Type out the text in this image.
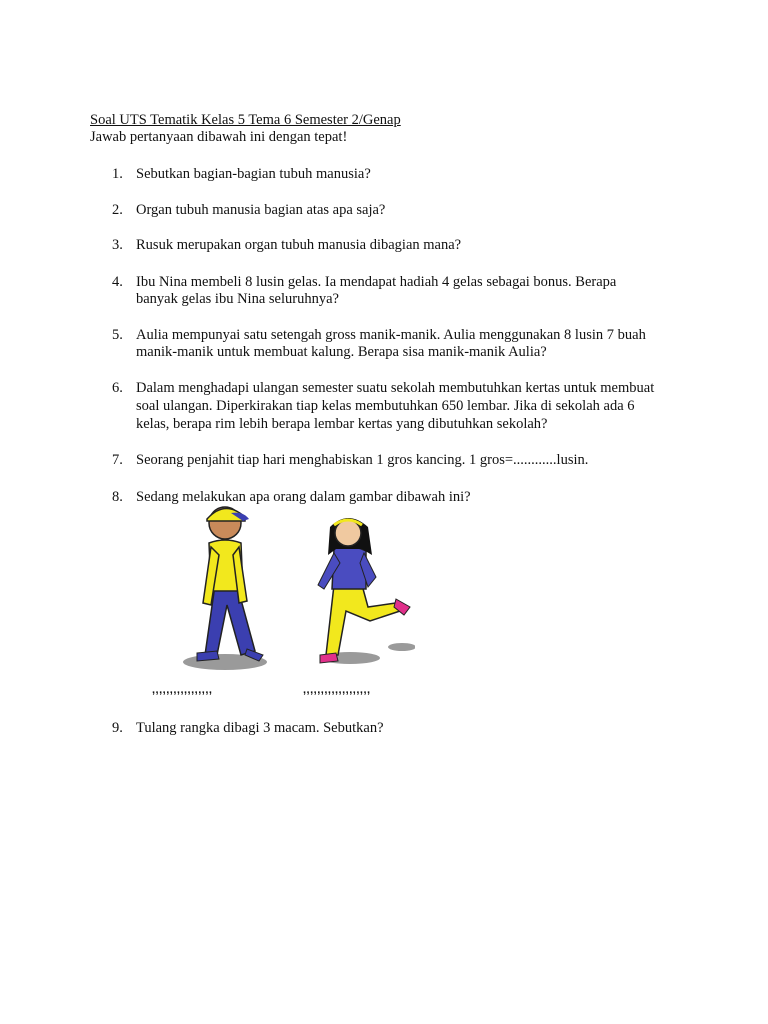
Soal UTS Tematik Kelas 5 Tema 6 Semester 2/Genap
Jawab pertanyaan dibawah ini dengan tepat!
1. Sebutkan bagian-bagian tubuh manusia?
2. Organ tubuh manusia bagian atas apa saja?
3. Rusuk merupakan organ tubuh manusia dibagian mana?
4. Ibu Nina membeli 8 lusin gelas. Ia mendapat hadiah 4 gelas sebagai bonus. Berapa
banyak gelas ibu Nina seluruhnya?
5. Aulia mempunyai satu setengah gross manik-manik. Aulia menggunakan 8 lusin 7 buah
manik-manik untuk membuat kalung. Berapa sisa manik-manik Aulia?
6. Dalam menghadapi ulangan semester suatu sekolah membutuhkan kertas untuk membuat
soal ulangan. Diperkirakan tiap kelas membutuhkan 650 lembar. Jika di sekolah ada 6
kelas, berapa rim lebih berapa lembar kertas yang dibutuhkan sekolah?
7. Seorang penjahit tiap hari menghabiskan 1 gros kancing. 1 gros=............lusin.
8. Sedang melakukan apa orang dalam gambar dibawah ini?
,,,,,,,,,,,,,,,,,	,,,,,,,,,,,,,,,,,,,
9. Tulang rangka dibagi 3 macam. Sebutkan?
